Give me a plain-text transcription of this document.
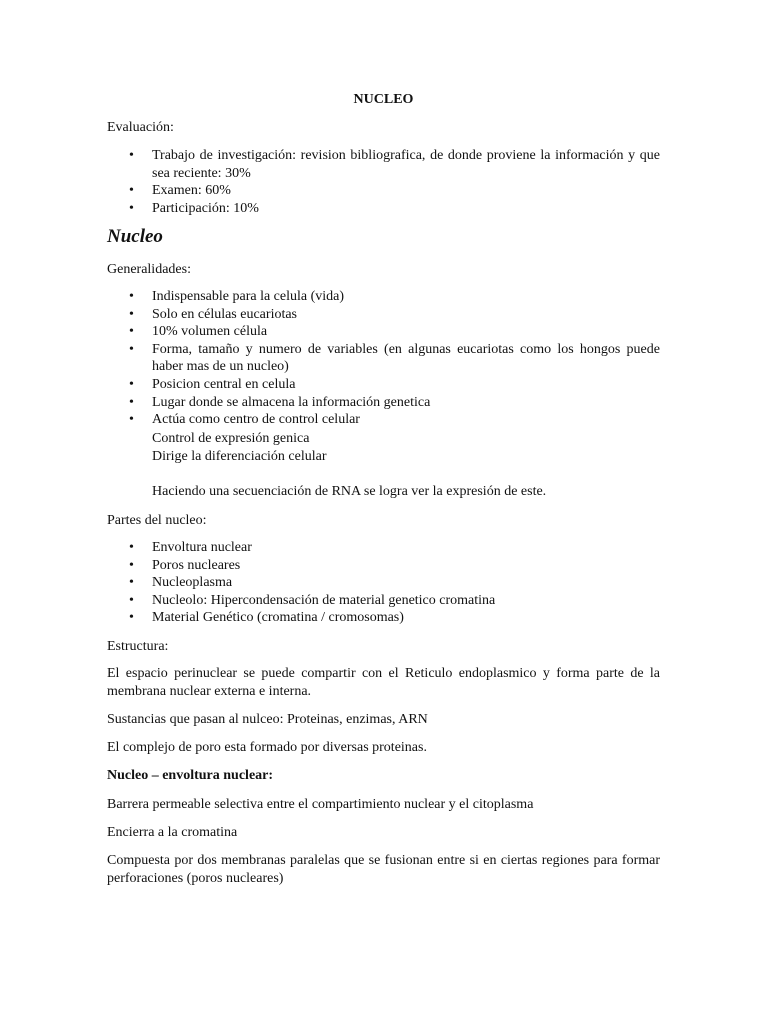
NUCLEO

Evaluación:

• Trabajo de investigación: revision bibliografica, de donde proviene la información y que sea reciente: 30%
• Examen: 60%
• Participación: 10%

Nucleo

Generalidades:

• Indispensable para la celula (vida)
• Solo en células eucariotas
• 10% volumen célula
• Forma, tamaño y numero de variables (en algunas eucariotas como los hongos puede haber mas de un nucleo)
• Posicion central en celula
• Lugar donde se almacena la información genetica
• Actúa como centro de control celular

Control de expresión genica

Dirige la diferenciación celular

Haciendo una secuenciación de RNA se logra ver la expresión de este.

Partes del nucleo:

• Envoltura nuclear
• Poros nucleares
• Nucleoplasma
• Nucleolo: Hipercondensación de material genetico cromatina
• Material Genético (cromatina / cromosomas)

Estructura:

El espacio perinuclear se puede compartir con el Reticulo endoplasmico y forma parte de la membrana nuclear externa e interna.

Sustancias que pasan al nulceo: Proteinas, enzimas, ARN

El complejo de poro esta formado por diversas proteinas.

Nucleo – envoltura nuclear:

Barrera permeable selectiva entre el compartimiento nuclear y el citoplasma

Encierra a la cromatina

Compuesta por dos membranas paralelas que se fusionan entre si en ciertas regiones para formar perforaciones (poros nucleares)
